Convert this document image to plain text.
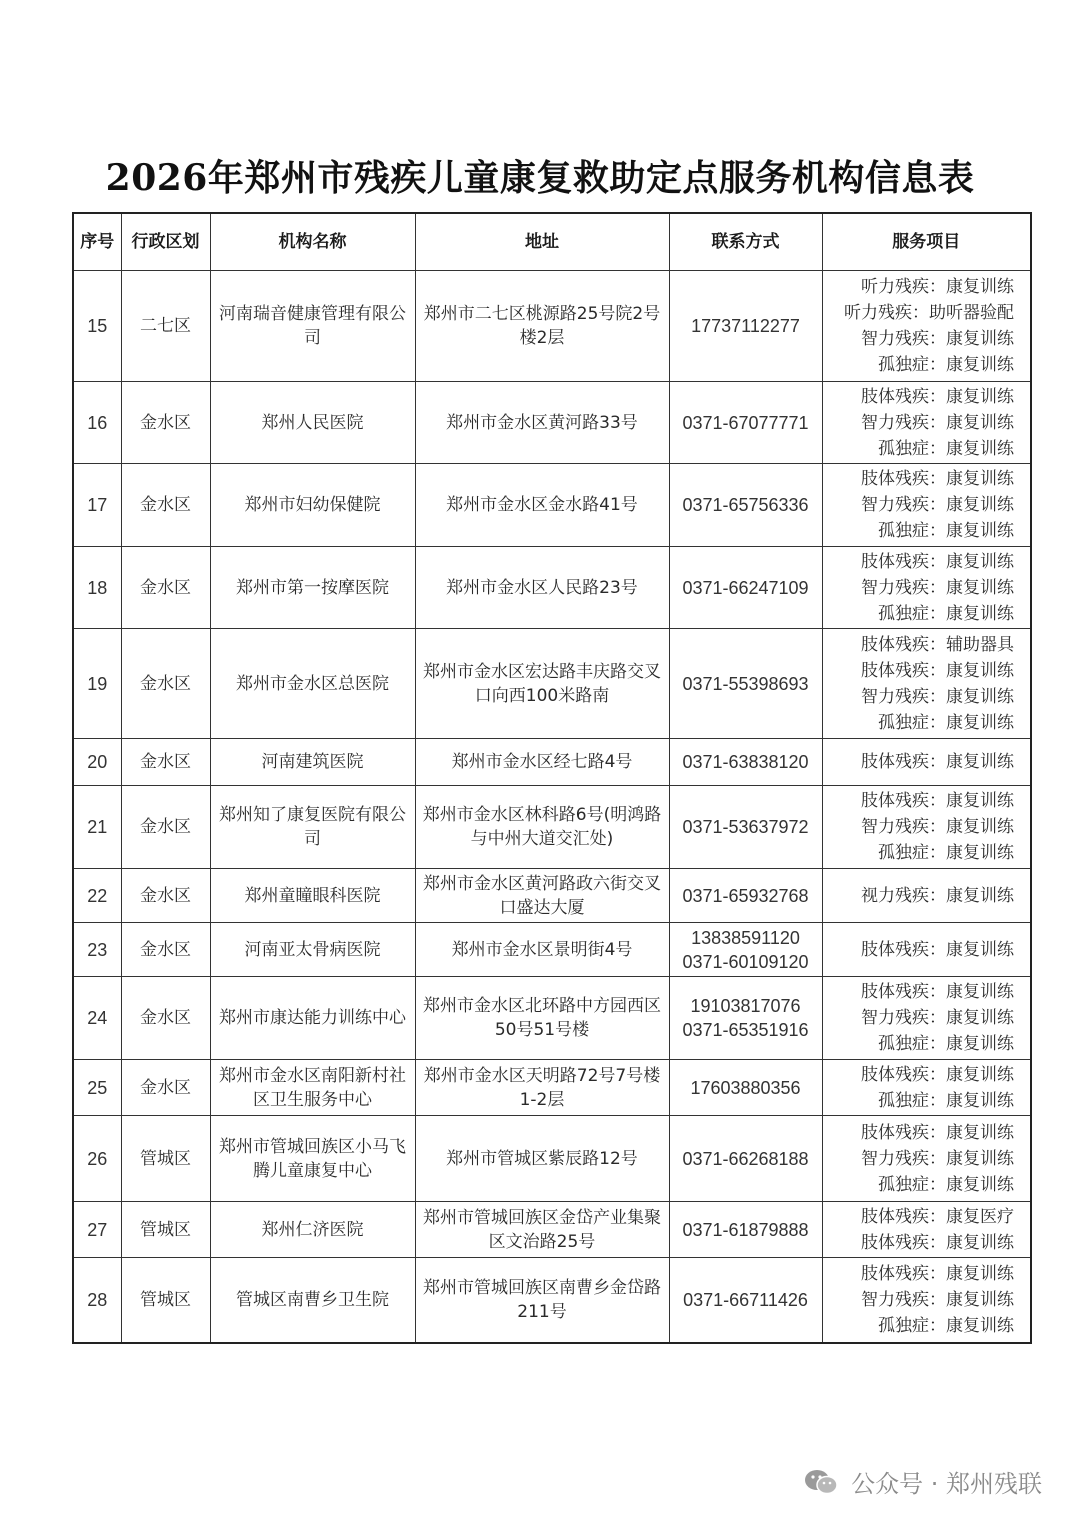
2026年郑州市残疾儿童康复救助定点服务机构信息表
序号	行政区划	机构名称	地址	联系方式	服务项目
15	二七区	河南瑞音健康管理有限公司	郑州市二七区桃源路25号院2号楼2层	17737112277	听力残疾：康复训练
听力残疾：助听器验配
智力残疾：康复训练
孤独症：康复训练

16	金水区	郑州人民医院	郑州市金水区黄河路33号	0371-67077771	肢体残疾：康复训练
智力残疾：康复训练
孤独症：康复训练

17	金水区	郑州市妇幼保健院	郑州市金水区金水路41号	0371-65756336	肢体残疾：康复训练
智力残疾：康复训练
孤独症：康复训练

18	金水区	郑州市第一按摩医院	郑州市金水区人民路23号	0371-66247109	肢体残疾：康复训练
智力残疾：康复训练
孤独症：康复训练

19	金水区	郑州市金水区总医院	郑州市金水区宏达路丰庆路交叉口向西100米路南	0371-55398693	肢体残疾：辅助器具
肢体残疾：康复训练
智力残疾：康复训练
孤独症：康复训练

20	金水区	河南建筑医院	郑州市金水区经七路4号	0371-63838120	肢体残疾：康复训练

21	金水区	郑州知了康复医院有限公司	郑州市金水区林科路6号(明鸿路与中州大道交汇处)	0371-53637972	肢体残疾：康复训练
智力残疾：康复训练
孤独症：康复训练

22	金水区	郑州童瞳眼科医院	郑州市金水区黄河路政六街交叉口盛达大厦	0371-65932768	视力残疾：康复训练

23	金水区	河南亚太骨病医院	郑州市金水区景明街4号	13838591120
0371-60109120	肢体残疾：康复训练

24	金水区	郑州市康达能力训练中心	郑州市金水区北环路中方园西区50号51号楼	19103817076
0371-65351916	肢体残疾：康复训练
智力残疾：康复训练
孤独症：康复训练

25	金水区	郑州市金水区南阳新村社区卫生服务中心	郑州市金水区天明路72号7号楼1-2层	17603880356	肢体残疾：康复训练
孤独症：康复训练

26	管城区	郑州市管城回族区小马飞腾儿童康复中心	郑州市管城区紫辰路12号	0371-66268188	肢体残疾：康复训练
智力残疾：康复训练
孤独症：康复训练

27	管城区	郑州仁济医院	郑州市管城回族区金岱产业集聚区文治路25号	0371-61879888	肢体残疾：康复医疗
肢体残疾：康复训练

28	管城区	管城区南曹乡卫生院	郑州市管城回族区南曹乡金岱路211号	0371-66711426	肢体残疾：康复训练
智力残疾：康复训练
孤独症：康复训练
公众号 · 郑州残联
